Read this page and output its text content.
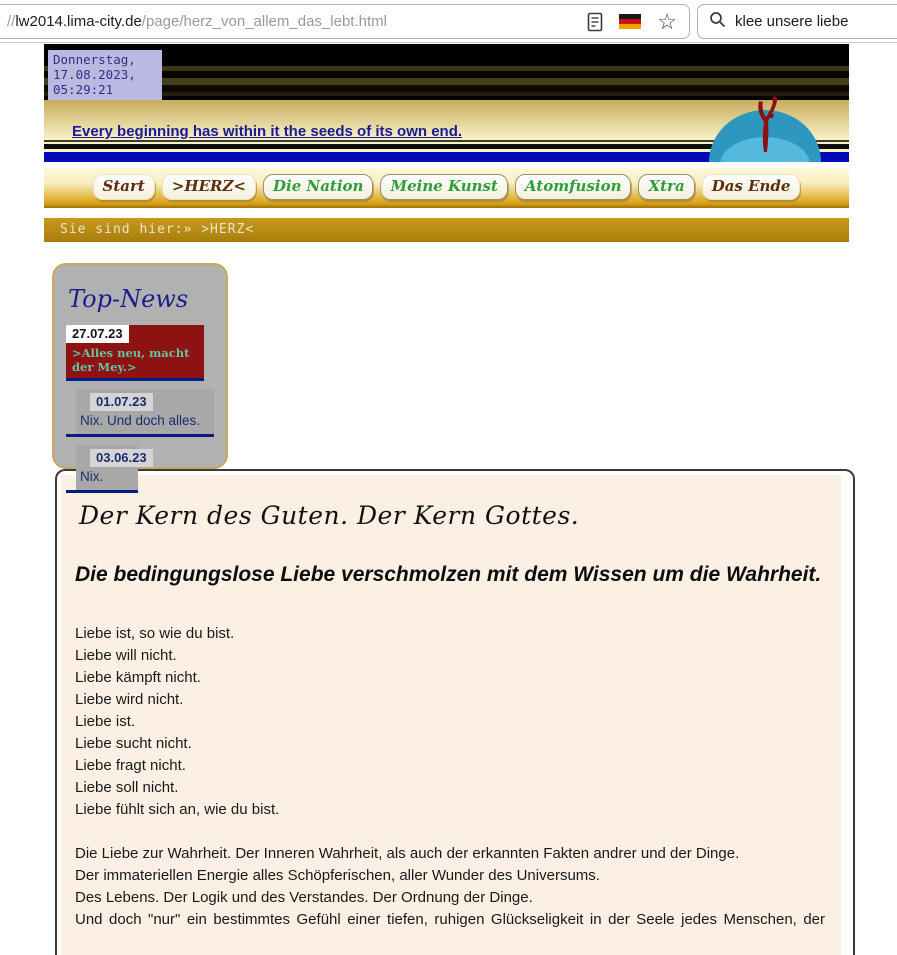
//lw2014.lima-city.de/page/herz_von_allem_das_lebt.html	☆	klee unsere liebe
Every beginning has within it the seeds of its own end.
Donnerstag,
17.08.2023,
05:29:21
Start	>HERZ<	Die Nation	Meine Kunst	Atomfusion	Xtra	Das Ende
Sie sind hier:» >HERZ<
Top-News
27.07.23
>Alles neu, macht der Mey.>
01.07.23
Nix. Und doch alles.
03.06.23
Nix.
Der Kern des Guten. Der Kern Gottes.
Die bedingungslose Liebe verschmolzen mit dem Wissen um die Wahrheit.
Liebe ist, so wie du bist.
Liebe will nicht.
Liebe kämpft nicht.
Liebe wird nicht.
Liebe ist.
Liebe sucht nicht.
Liebe fragt nicht.
Liebe soll nicht.
Liebe fühlt sich an, wie du bist.
Die Liebe zur Wahrheit. Der Inneren Wahrheit, als auch der erkannten Fakten andrer und der Dinge.
Der immateriellen Energie alles Schöpferischen, aller Wunder des Universums.
Des Lebens. Der Logik und des Verstandes. Der Ordnung der Dinge.
Und doch "nur" ein bestimmtes Gefühl einer tiefen, ruhigen Glückseligkeit in der Seele jedes Menschen, der
